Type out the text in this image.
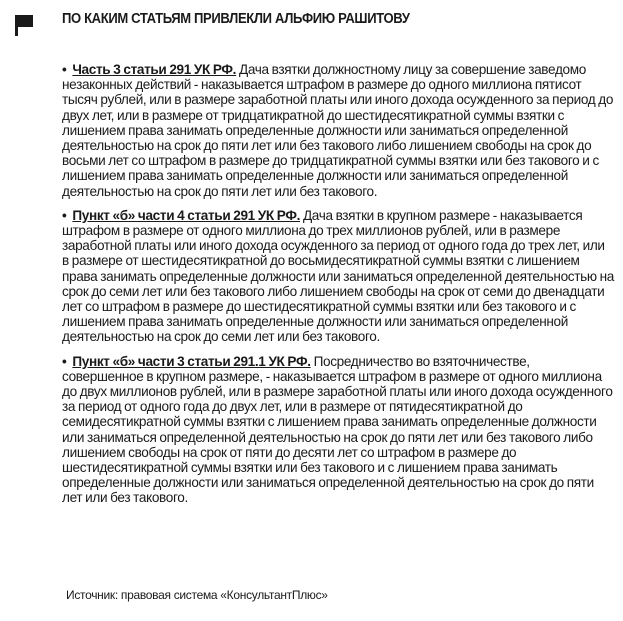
ПО КАКИМ СТАТЬЯМ ПРИВЛЕКЛИ АЛЬФИЮ РАШИТОВУ
• Часть 3 статьи 291 УК РФ. Дача взятки должностному лицу за совершение заведомо незаконных действий - наказывается штрафом в размере до одного миллиона пятисот тысяч рублей, или в размере заработной платы или иного дохода осужденного за период до двух лет, или в размере от тридцатикратной до шестидесятикратной суммы взятки с лишением права занимать определенные должности или заниматься определенной деятельностью на срок до пяти лет или без такового либо лишением свободы на срок до восьми лет со штрафом в размере до тридцатикратной суммы взятки или без такового и с лишением права занимать определенные должности или заниматься определенной деятельностью на срок до пяти лет или без такового.
• Пункт «б» части 4 статьи 291 УК РФ. Дача взятки в крупном размере - наказывается штрафом в размере от одного миллиона до трех миллионов рублей, или в размере заработной платы или иного дохода осужденного за период от одного года до трех лет, или в размере от шестидесятикратной до восьмидесятикратной суммы взятки с лишением права занимать определенные должности или заниматься определенной деятельностью на срок до семи лет или без такового либо лишением свободы на срок от семи до двенадцати лет со штрафом в размере до шестидесятикратной суммы взятки или без такового и с лишением права занимать определенные должности или заниматься определенной деятельностью на срок до семи лет или без такового.
• Пункт «б» части 3 статьи 291.1 УК РФ. Посредничество во взяточничестве, совершенное в крупном размере, - наказывается штрафом в размере от одного миллиона до двух миллионов рублей, или в размере заработной платы или иного дохода осужденного за период от одного года до двух лет, или в размере от пятидесятикратной до семидесятикратной суммы взятки с лишением права занимать определенные должности или заниматься определенной деятельностью на срок до пяти лет или без такового либо лишением свободы на срок от пяти до десяти лет со штрафом в размере до шестидесятикратной суммы взятки или без такового и с лишением права занимать определенные должности или заниматься определенной деятельностью на срок до пяти лет или без такового.
Источник: правовая система «КонсультантПлюс»
